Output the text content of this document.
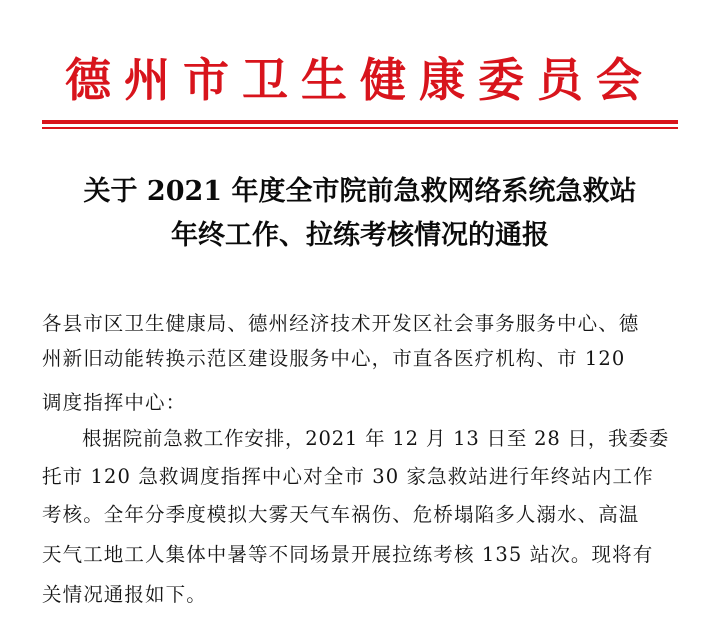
德州市卫生健康委员会
关于 2021 年度全市院前急救网络系统急救站
年终工作、拉练考核情况的通报
各县市区卫生健康局、德州经济技术开发区社会事务服务中心、德
州新旧动能转换示范区建设服务中心，市直各医疗机构、市 120
调度指挥中心：
根据院前急救工作安排，2021 年 12 月 13 日至 28 日，我委委
托市 120 急救调度指挥中心对全市 30 家急救站进行年终站内工作
考核。全年分季度模拟大雾天气车祸伤、危桥塌陷多人溺水、高温
天气工地工人集体中暑等不同场景开展拉练考核 135 站次。现将有
关情况通报如下。
